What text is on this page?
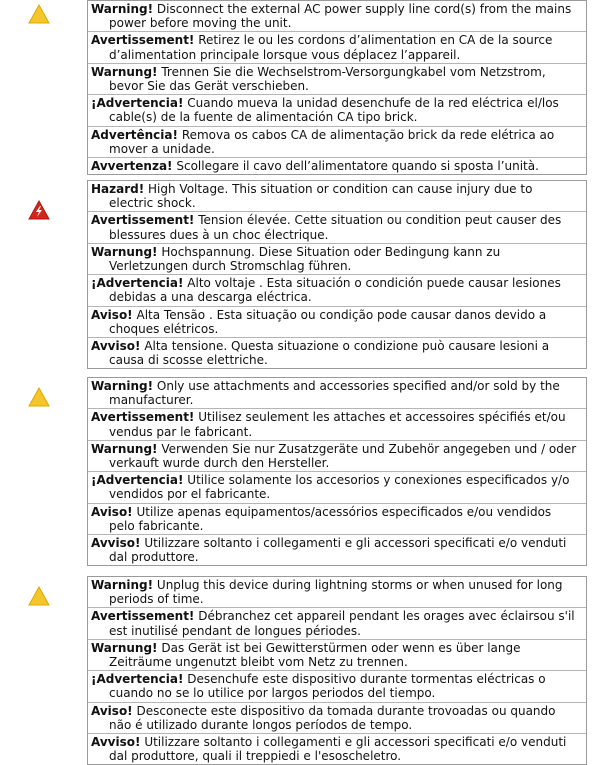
Warning! Disconnect the external AC power supply line cord(s) from the mains power before moving the unit.
Avertissement! Retirez le ou les cordons d’alimentation en CA de la source d’alimentation principale lorsque vous déplacez l’appareil.
Warnung! Trennen Sie die Wechselstrom-Versorgungkabel vom Netzstrom, bevor Sie das Gerät verschieben.
¡Advertencia! Cuando mueva la unidad desenchufe de la red eléctrica el/los cable(s) de la fuente de alimentación CA tipo brick.
Advertência! Remova os cabos CA de alimentação brick da rede elétrica ao mover a unidade.
Avvertenza! Scollegare il cavo dell’alimentatore quando si sposta l’unità.
Hazard! High Voltage. This situation or condition can cause injury due to electric shock.
Avertissement! Tension élevée. Cette situation ou condition peut causer des blessures dues à un choc électrique.
Warnung! Hochspannung. Diese Situation oder Bedingung kann zu Verletzungen durch Stromschlag führen.
¡Advertencia! Alto voltaje . Esta situación o condición puede causar lesiones debidas a una descarga eléctrica.
Aviso! Alta Tensão . Esta situação ou condição pode causar danos devido a choques elétricos.
Avviso! Alta tensione. Questa situazione o condizione può causare lesioni a causa di scosse elettriche.
Warning! Only use attachments and accessories specified and/or sold by the manufacturer.
Avertissement! Utilisez seulement les attaches et accessoires spécifiés et/ou vendus par le fabricant.
Warnung! Verwenden Sie nur Zusatzgeräte und Zubehör angegeben und / oder verkauft wurde durch den Hersteller.
¡Advertencia! Utilice solamente los accesorios y conexiones especificados y/o vendidos por el fabricante.
Aviso! Utilize apenas equipamentos/acessórios especificados e/ou vendidos pelo fabricante.
Avviso! Utilizzare soltanto i collegamenti e gli accessori specificati e/o venduti dal produttore.
Warning! Unplug this device during lightning storms or when unused for long periods of time.
Avertissement! Débranchez cet appareil pendant les orages avec éclairsou s'il est inutilisé pendant de longues périodes.
Warnung! Das Gerät ist bei Gewitterstürmen oder wenn es über lange Zeiträume ungenutzt bleibt vom Netz zu trennen.
¡Advertencia! Desenchufe este dispositivo durante tormentas eléctricas o cuando no se lo utilice por largos periodos del tiempo.
Aviso! Desconecte este dispositivo da tomada durante trovoadas ou quando não é utilizado durante longos períodos de tempo.
Avviso! Utilizzare soltanto i collegamenti e gli accessori specificati e/o venduti dal produttore, quali il treppiedi e l'esoscheletro.
